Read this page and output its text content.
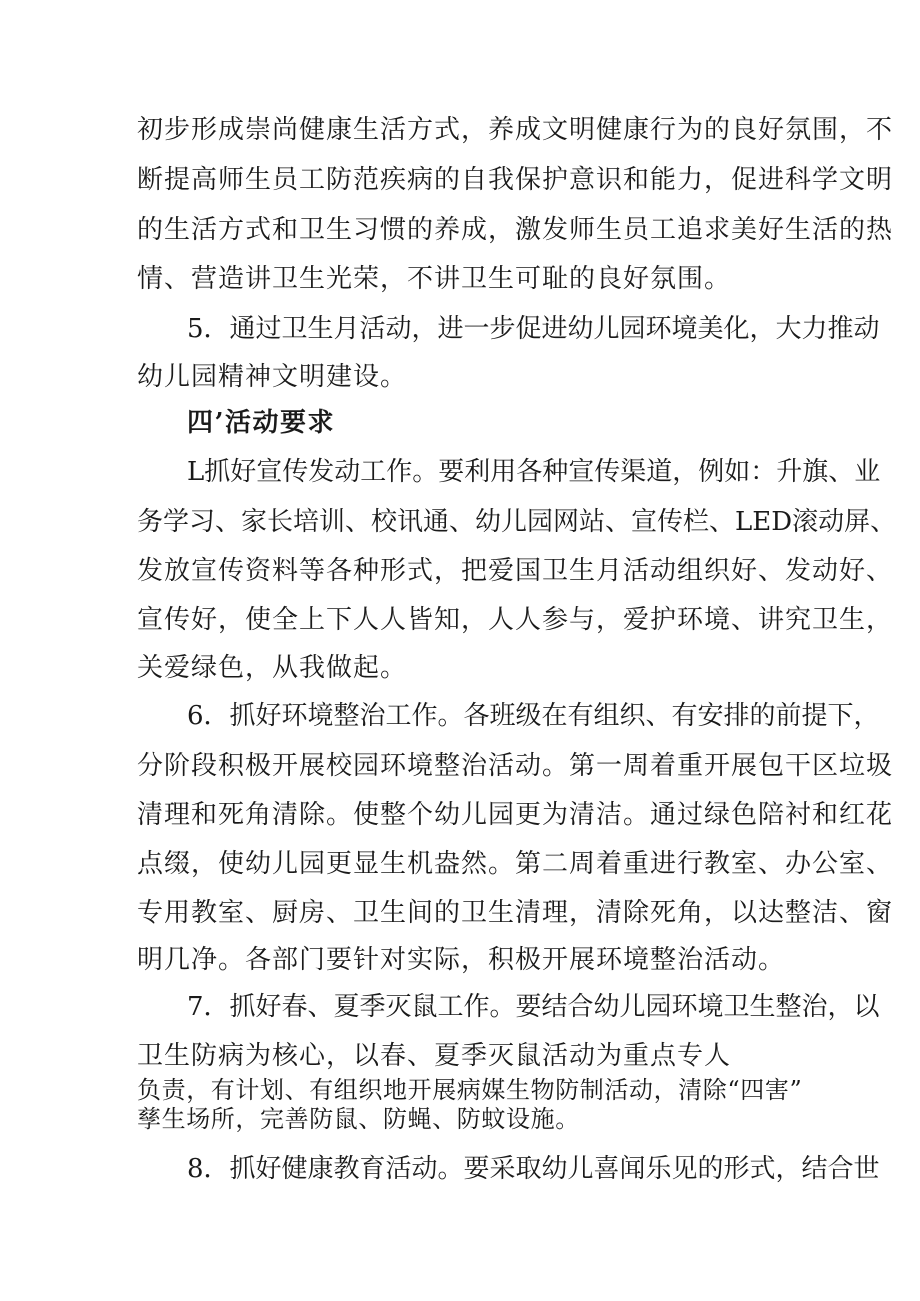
初步形成崇尚健康生活方式，养成文明健康行为的良好氛围，不
断提高师生员工防范疾病的自我保护意识和能力，促进科学文明
的生活方式和卫生习惯的养成，激发师生员工追求美好生活的热
情、营造讲卫生光荣，不讲卫生可耻的良好氛围。
5．通过卫生月活动，进一步促进幼儿园环境美化，大力推动
幼儿园精神文明建设。
四’活动要求
L抓好宣传发动工作。要利用各种宣传渠道，例如：升旗、业
务学习、家长培训、校讯通、幼儿园网站、宣传栏、LED滚动屏、
发放宣传资料等各种形式，把爱国卫生月活动组织好、发动好、
宣传好，使全上下人人皆知，人人参与，爱护环境、讲究卫生，
关爱绿色，从我做起。
6．抓好环境整治工作。各班级在有组织、有安排的前提下，
分阶段积极开展校园环境整治活动。第一周着重开展包干区垃圾
清理和死角清除。使整个幼儿园更为清洁。通过绿色陪衬和红花
点缀，使幼儿园更显生机盎然。第二周着重进行教室、办公室、
专用教室、厨房、卫生间的卫生清理，清除死角，以达整洁、窗
明几净。各部门要针对实际，积极开展环境整治活动。
7．抓好春、夏季灭鼠工作。要结合幼儿园环境卫生整治，以
卫生防病为核心，以春、夏季灭鼠活动为重点专人
负责，有计划、有组织地开展病媒生物防制活动，清除“四害”
孳生场所，完善防鼠、防蝇、防蚊设施。
8．抓好健康教育活动。要采取幼儿喜闻乐见的形式，结合世
